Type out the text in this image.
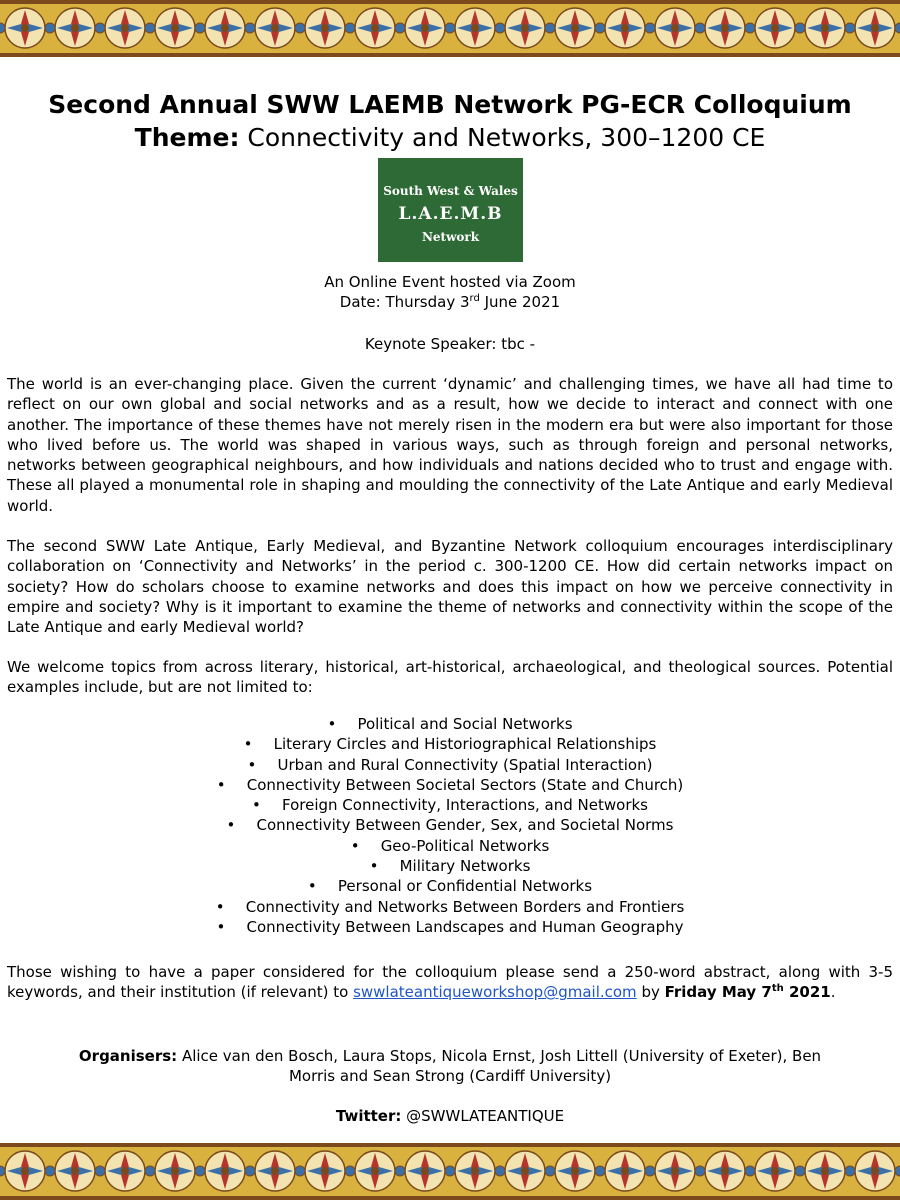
Second Annual SWW LAEMB Network PG-ECR Colloquium
Theme: Connectivity and Networks, 300–1200 CE
South West & Wales
L.A.E.M.B
Network
An Online Event hosted via Zoom
Date: Thursday 3rd June 2021
Keynote Speaker: tbc -
The world is an ever-changing place. Given the current ‘dynamic’ and challenging times, we have all had time to reflect on our own global and social networks and as a result, how we decide to interact and connect with one another. The importance of these themes have not merely risen in the modern era but were also important for those who lived before us. The world was shaped in various ways, such as through foreign and personal networks, networks between geographical neighbours, and how individuals and nations decided who to trust and engage with. These all played a monumental role in shaping and moulding the connectivity of the Late Antique and early Medieval world.
The second SWW Late Antique, Early Medieval, and Byzantine Network colloquium encourages interdisciplinary collaboration on ‘Connectivity and Networks’ in the period c. 300-1200 CE. How did certain networks impact on society? How do scholars choose to examine networks and does this impact on how we perceive connectivity in empire and society? Why is it important to examine the theme of networks and connectivity within the scope of the Late Antique and early Medieval world?
We welcome topics from across literary, historical, art-historical, archaeological, and theological sources. Potential examples include, but are not limited to:
• Political and Social Networks
• Literary Circles and Historiographical Relationships
• Urban and Rural Connectivity (Spatial Interaction)
• Connectivity Between Societal Sectors (State and Church)
• Foreign Connectivity, Interactions, and Networks
• Connectivity Between Gender, Sex, and Societal Norms
• Geo-Political Networks
• Military Networks
• Personal or Confidential Networks
• Connectivity and Networks Between Borders and Frontiers
• Connectivity Between Landscapes and Human Geography
Those wishing to have a paper considered for the colloquium please send a 250-word abstract, along with 3-5 keywords, and their institution (if relevant) to swwlateantiqueworkshop@gmail.com by Friday May 7th 2021.
Organisers: Alice van den Bosch, Laura Stops, Nicola Ernst, Josh Littell (University of Exeter), Ben Morris and Sean Strong (Cardiff University)
Twitter: @SWWLATEANTIQUE
